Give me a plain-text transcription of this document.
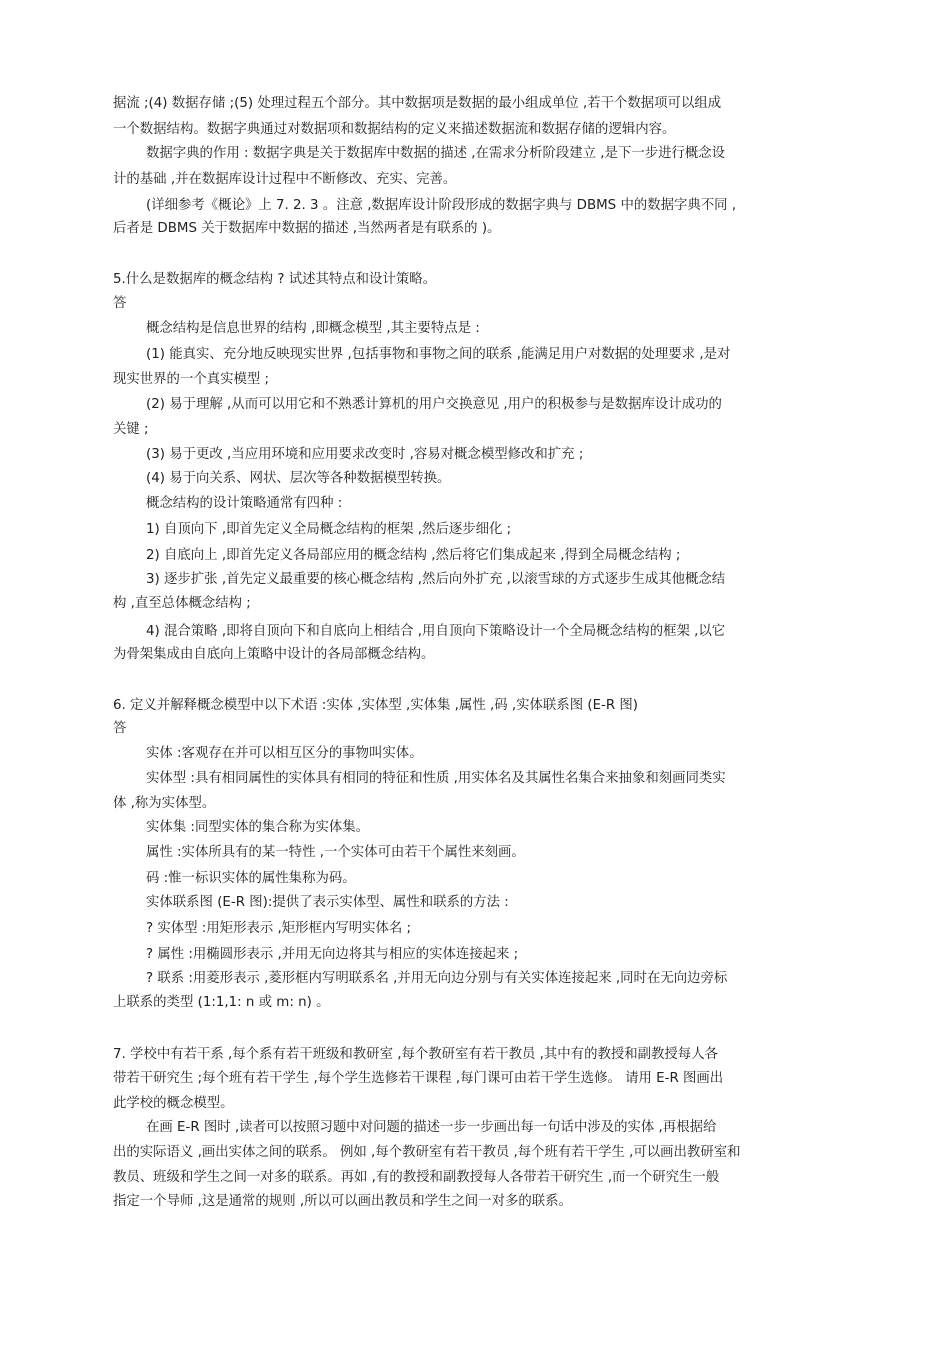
据流 ;(4) 数据存储 ;(5) 处理过程五个部分。其中数据项是数据的最小组成单位 ,若干个数据项可以组成
一个数据结构。数据字典通过对数据项和数据结构的定义来描述数据流和数据存储的逻辑内容。
数据字典的作用 : 数据字典是关于数据库中数据的描述 ,在需求分析阶段建立 ,是下一步进行概念设
计的基础 ,并在数据库设计过程中不断修改、充实、完善。
(详细参考《概论》上 7. 2. 3 。注意 ,数据库设计阶段形成的数据字典与 DBMS 中的数据字典不同 ,
后者是 DBMS 关于数据库中数据的描述 ,当然两者是有联系的 )。
5.什么是数据库的概念结构 ? 试述其特点和设计策略。
答
概念结构是信息世界的结构 ,即概念模型 ,其主要特点是 :
(1) 能真实、充分地反映现实世界 ,包括事物和事物之间的联系 ,能满足用户对数据的处理要求 ,是对
现实世界的一个真实模型 ;
(2) 易于理解 ,从而可以用它和不熟悉计算机的用户交换意见 ,用户的积极参与是数据库设计成功的
关键 ;
(3) 易于更改 ,当应用环境和应用要求改变时 ,容易对概念模型修改和扩充 ;
(4) 易于向关系、网状、层次等各种数据模型转换。
概念结构的设计策略通常有四种 :
1) 自顶向下 ,即首先定义全局概念结构的框架 ,然后逐步细化 ;
2) 自底向上 ,即首先定义各局部应用的概念结构 ,然后将它们集成起来 ,得到全局概念结构 ;
3) 逐步扩张 ,首先定义最重要的核心概念结构 ,然后向外扩充 ,以滚雪球的方式逐步生成其他概念结
构 ,直至总体概念结构 ;
4) 混合策略 ,即将自顶向下和自底向上相结合 ,用自顶向下策略设计一个全局概念结构的框架 ,以它
为骨架集成由自底向上策略中设计的各局部概念结构。
6. 定义并解释概念模型中以下术语 :实体 ,实体型 ,实体集 ,属性 ,码 ,实体联系图 (E-R 图)
答
实体 :客观存在并可以相互区分的事物叫实体。
实体型 :具有相同属性的实体具有相同的特征和性质 ,用实体名及其属性名集合来抽象和刻画同类实
体 ,称为实体型。
实体集 :同型实体的集合称为实体集。
属性 :实体所具有的某一特性 ,一个实体可由若干个属性来刻画。
码 :惟一标识实体的属性集称为码。
实体联系图 (E-R 图):提供了表示实体型、属性和联系的方法 :
? 实体型 :用矩形表示 ,矩形框内写明实体名 ;
? 属性 :用椭圆形表示 ,并用无向边将其与相应的实体连接起来 ;
? 联系 :用菱形表示 ,菱形框内写明联系名 ,并用无向边分别与有关实体连接起来 ,同时在无向边旁标
上联系的类型 (1:1,1: n 或 m: n) 。
7. 学校中有若干系 ,每个系有若干班级和教研室 ,每个教研室有若干教员 ,其中有的教授和副教授每人各
带若干研究生 ;每个班有若干学生 ,每个学生选修若干课程 ,每门课可由若干学生选修。 请用 E-R 图画出
此学校的概念模型。
在画 E-R 图时 ,读者可以按照习题中对问题的描述一步一步画出每一句话中涉及的实体 ,再根据给
出的实际语义 ,画出实体之间的联系。 例如 ,每个教研室有若干教员 ,每个班有若干学生 ,可以画出教研室和
教员、班级和学生之间一对多的联系。再如 ,有的教授和副教授每人各带若干研究生 ,而一个研究生一般
指定一个导师 ,这是通常的规则 ,所以可以画出教员和学生之间一对多的联系。
